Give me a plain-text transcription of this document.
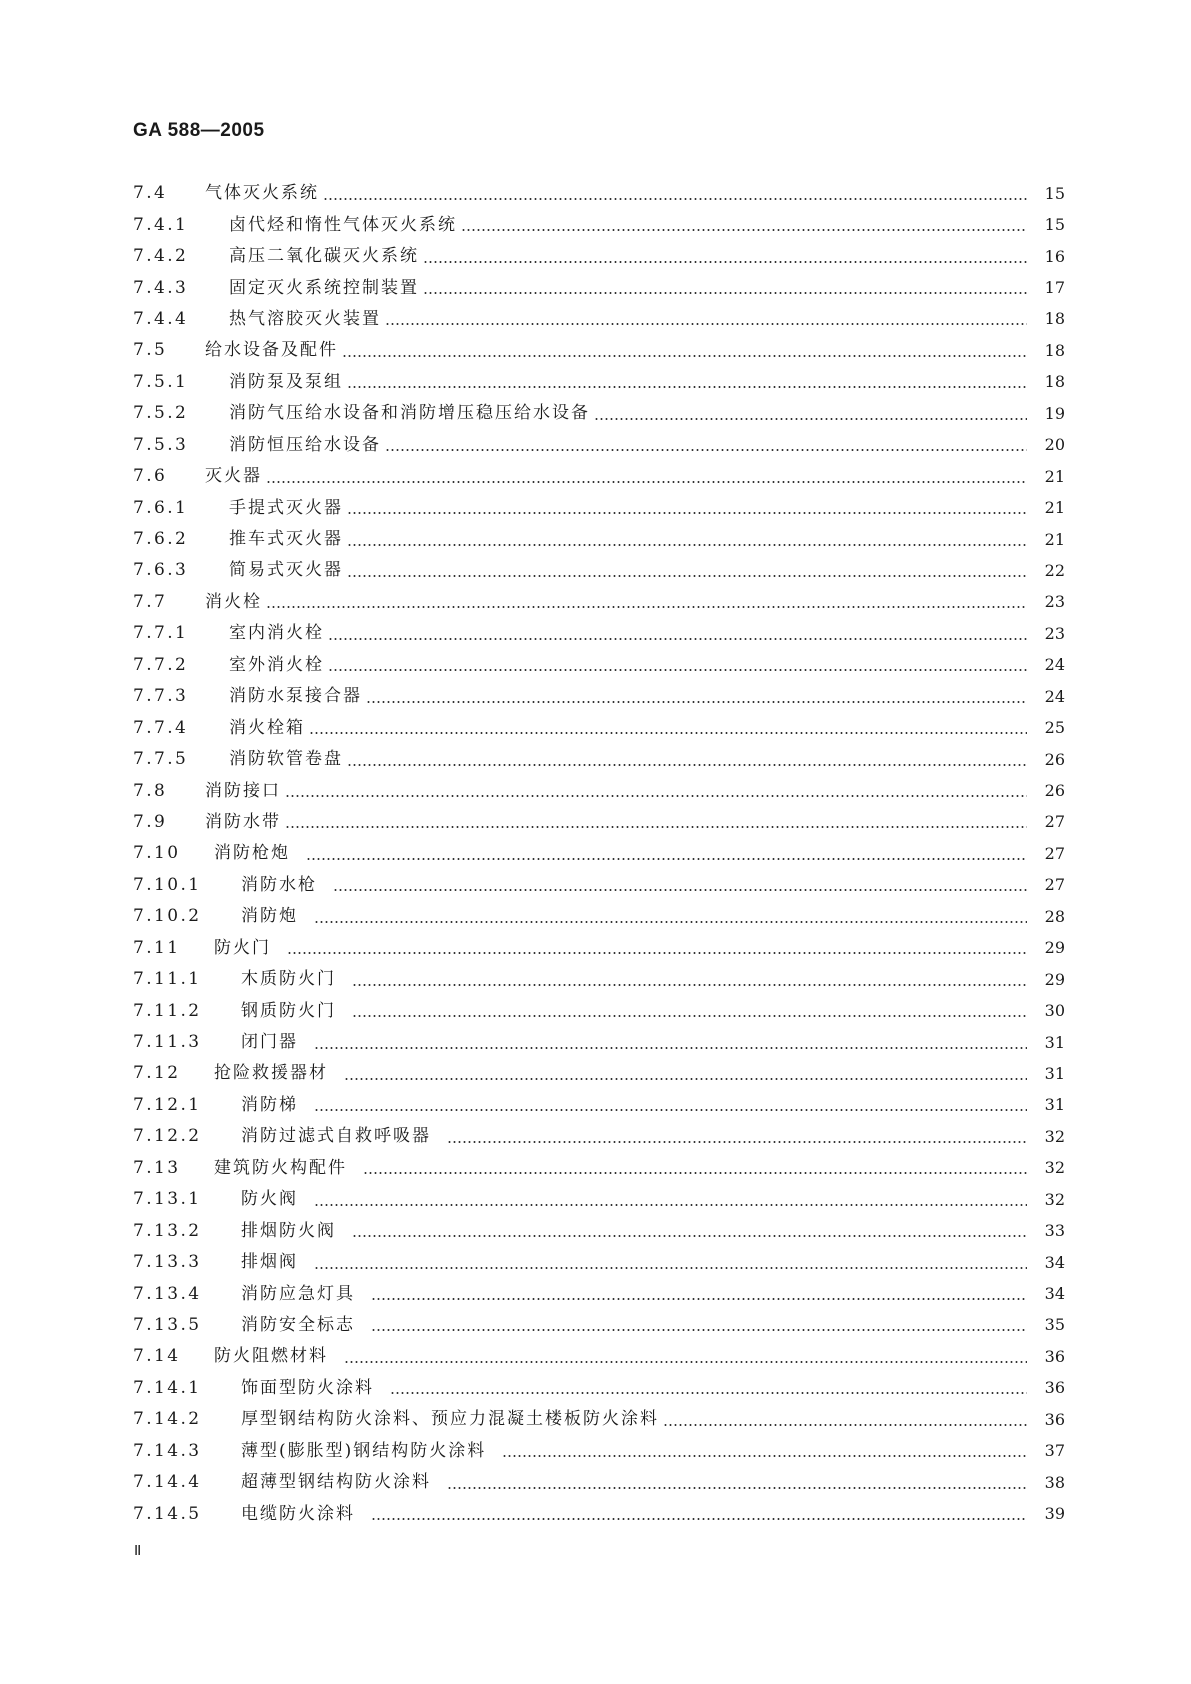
GA 588—2005
7.4	气体灭火系统	15
7.4.1	卤代烃和惰性气体灭火系统	15
7.4.2	高压二氧化碳灭火系统	16
7.4.3	固定灭火系统控制装置	17
7.4.4	热气溶胶灭火装置	18
7.5	给水设备及配件	18
7.5.1	消防泵及泵组	18
7.5.2	消防气压给水设备和消防增压稳压给水设备	19
7.5.3	消防恒压给水设备	20
7.6	灭火器	21
7.6.1	手提式灭火器	21
7.6.2	推车式灭火器	21
7.6.3	简易式灭火器	22
7.7	消火栓	23
7.7.1	室内消火栓	23
7.7.2	室外消火栓	24
7.7.3	消防水泵接合器	24
7.7.4	消火栓箱	25
7.7.5	消防软管卷盘	26
7.8	消防接口	26
7.9	消防水带	27
7.10	消防枪炮	27
7.10.1	消防水枪	27
7.10.2	消防炮	28
7.11	防火门	29
7.11.1	木质防火门	29
7.11.2	钢质防火门	30
7.11.3	闭门器	31
7.12	抢险救援器材	31
7.12.1	消防梯	31
7.12.2	消防过滤式自救呼吸器	32
7.13	建筑防火构配件	32
7.13.1	防火阀	32
7.13.2	排烟防火阀	33
7.13.3	排烟阀	34
7.13.4	消防应急灯具	34
7.13.5	消防安全标志	35
7.14	防火阻燃材料	36
7.14.1	饰面型防火涂料	36
7.14.2	厚型钢结构防火涂料、预应力混凝土楼板防火涂料	36
7.14.3	薄型(膨胀型)钢结构防火涂料	37
7.14.4	超薄型钢结构防火涂料	38
7.14.5	电缆防火涂料	39
II
